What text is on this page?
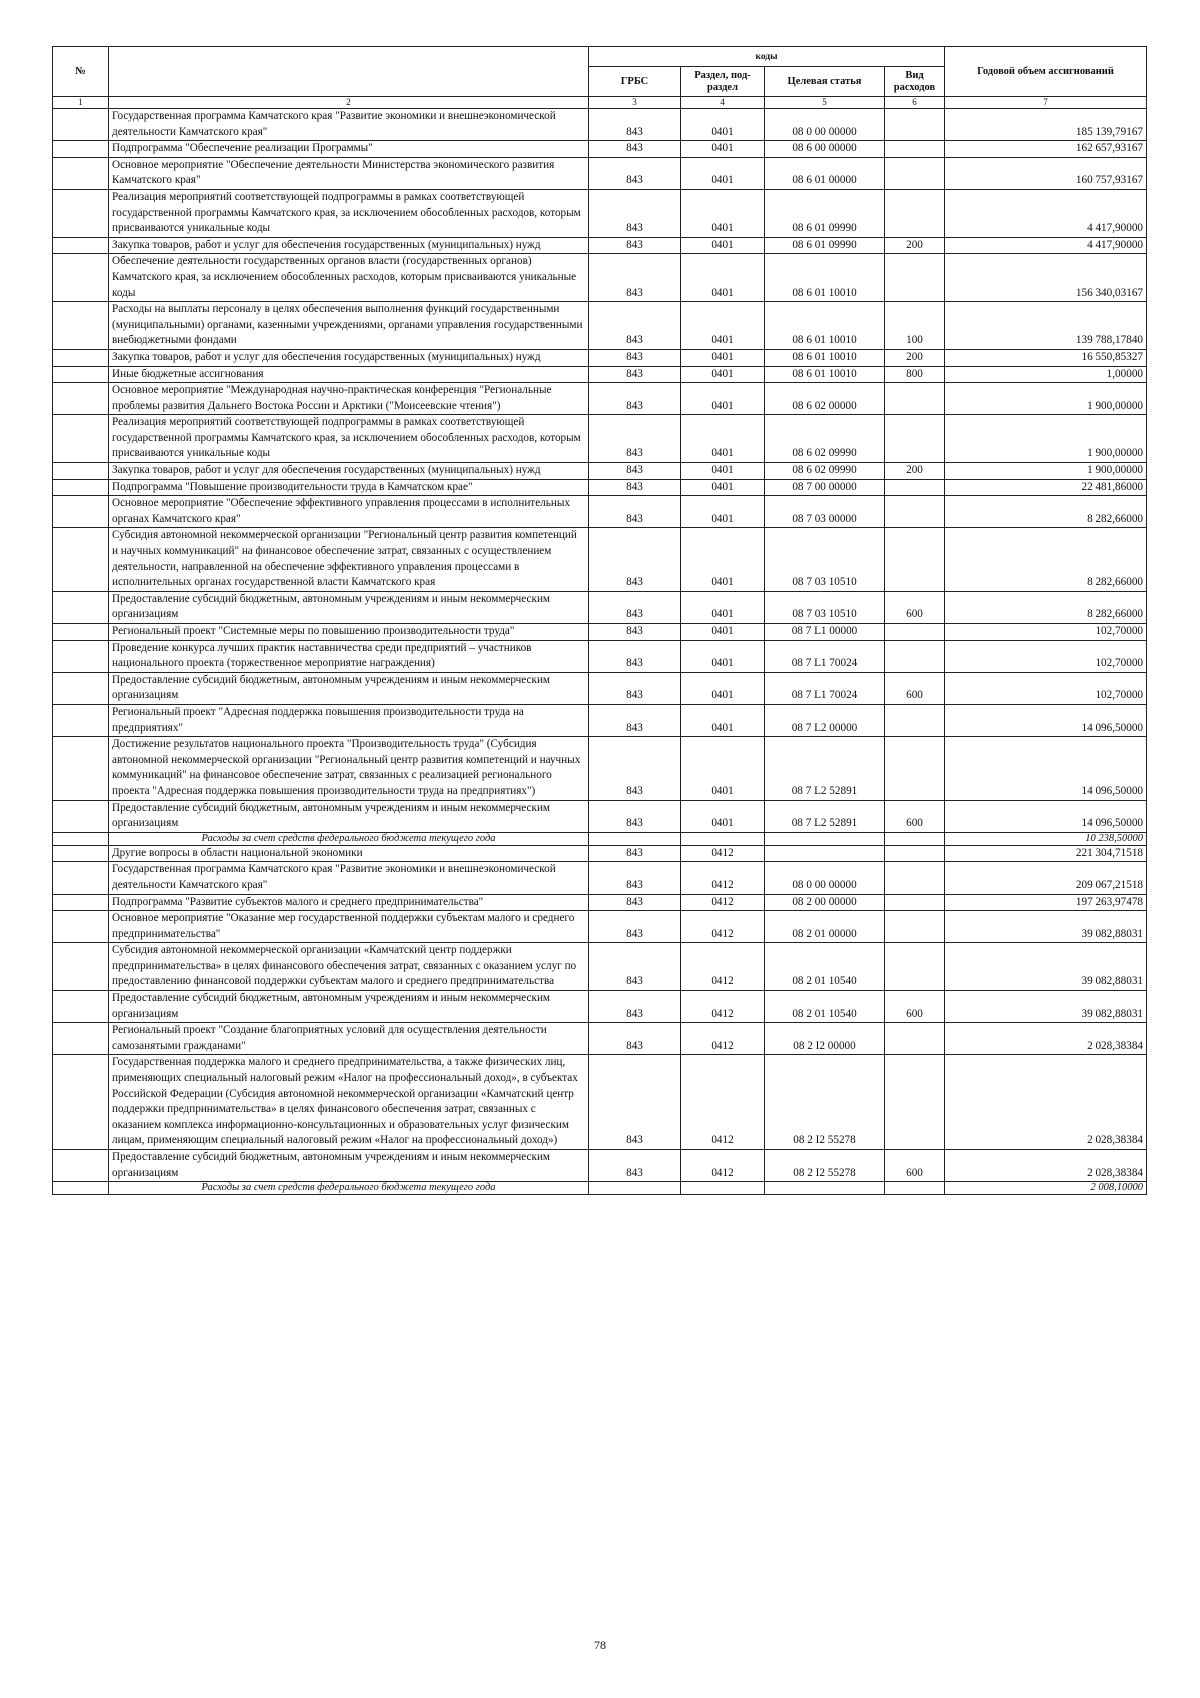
№		коды				Годовой объем ассигнований
		ГРБС	Раздел, под-раздел	Целевая статья	Вид расходов	
1	2	3	4	5	6	7
	Государственная программа Камчатского края "Развитие экономики и внешнеэкономической деятельности Камчатского края"	843	0401	08 0 00 00000		185 139,79167
	Подпрограмма "Обеспечение реализации Программы"	843	0401	08 6 00 00000		162 657,93167
	Основное мероприятие "Обеспечение деятельности Министерства экономического развития Камчатского края"	843	0401	08 6 01 00000		160 757,93167
	Реализация мероприятий соответствующей подпрограммы в рамках соответствующей государственной программы Камчатского края, за исключением обособленных расходов, которым присваиваются уникальные коды	843	0401	08 6 01 09990		4 417,90000
	Закупка товаров, работ и услуг для обеспечения государственных (муниципальных) нужд	843	0401	08 6 01 09990	200	4 417,90000
	Обеспечение деятельности государственных органов власти (государственных органов) Камчатского края, за исключением обособленных расходов, которым присваиваются уникальные коды	843	0401	08 6 01 10010		156 340,03167
	Расходы на выплаты персоналу в целях обеспечения выполнения функций государственными (муниципальными) органами, казенными учреждениями, органами управления государственными внебюджетными фондами	843	0401	08 6 01 10010	100	139 788,17840
	Закупка товаров, работ и услуг для обеспечения государственных (муниципальных) нужд	843	0401	08 6 01 10010	200	16 550,85327
	Иные бюджетные ассигнования	843	0401	08 6 01 10010	800	1,00000
	Основное мероприятие "Международная научно-практическая конференция "Региональные проблемы развития Дальнего Востока России и Арктики ("Моисеевские чтения")	843	0401	08 6 02 00000		1 900,00000
	Реализация мероприятий соответствующей подпрограммы в рамках соответствующей государственной программы Камчатского края, за исключением обособленных расходов, которым присваиваются уникальные коды	843	0401	08 6 02 09990		1 900,00000
	Закупка товаров, работ и услуг для обеспечения государственных (муниципальных) нужд	843	0401	08 6 02 09990	200	1 900,00000
	Подпрограмма "Повышение производительности труда в Камчатском крае"	843	0401	08 7 00 00000		22 481,86000
	Основное мероприятие "Обеспечение эффективного управления процессами в исполнительных органах Камчатского края"	843	0401	08 7 03 00000		8 282,66000
	Субсидия автономной некоммерческой организации "Региональный центр развития компетенций и научных коммуникаций" на финансовое обеспечение затрат, связанных с осуществлением деятельности, направленной на обеспечение эффективного управления процессами в исполнительных органах государственной власти Камчатского края	843	0401	08 7 03 10510		8 282,66000
	Предоставление субсидий бюджетным, автономным учреждениям и иным некоммерческим организациям	843	0401	08 7 03 10510	600	8 282,66000
	Региональный проект "Системные меры по повышению производительности труда"	843	0401	08 7 L1 00000		102,70000
	Проведение конкурса лучших практик наставничества среди предприятий – участников национального проекта (торжественное мероприятие награждения)	843	0401	08 7 L1 70024		102,70000
	Предоставление субсидий бюджетным, автономным учреждениям и иным некоммерческим организациям	843	0401	08 7 L1 70024	600	102,70000
	Региональный проект "Адресная поддержка повышения производительности труда на предприятиях"	843	0401	08 7 L2 00000		14 096,50000
	Достижение результатов национального проекта "Производительность труда" (Субсидия автономной некоммерческой организации "Региональный центр развития компетенций и научных коммуникаций" на финансовое обеспечение затрат, связанных с реализацией регионального проекта "Адресная поддержка повышения производительности труда на предприятиях")	843	0401	08 7 L2 52891		14 096,50000
	Предоставление субсидий бюджетным, автономным учреждениям и иным некоммерческим организациям	843	0401	08 7 L2 52891	600	14 096,50000
	Расходы за счет средств федерального бюджета текущего года					10 238,50000
	Другие вопросы в области национальной экономики	843	0412			221 304,71518
	Государственная программа Камчатского края "Развитие экономики и внешнеэкономической деятельности Камчатского края"	843	0412	08 0 00 00000		209 067,21518
	Подпрограмма "Развитие субъектов малого и среднего предпринимательства"	843	0412	08 2 00 00000		197 263,97478
	Основное мероприятие "Оказание мер государственной поддержки субъектам малого и среднего предпринимательства"	843	0412	08 2 01 00000		39 082,88031
	Субсидия автономной некоммерческой организации «Камчатский центр поддержки предпринимательства» в целях финансового обеспечения затрат, связанных с оказанием услуг по предоставлению финансовой поддержки субъектам малого и среднего предпринимательства	843	0412	08 2 01 10540		39 082,88031
	Предоставление субсидий бюджетным, автономным учреждениям и иным некоммерческим организациям	843	0412	08 2 01 10540	600	39 082,88031
	Региональный проект "Создание благоприятных условий для осуществления деятельности самозанятыми гражданами"	843	0412	08 2 I2 00000		2 028,38384
	Государственная поддержка малого и среднего предпринимательства, а также физических лиц, применяющих специальный налоговый режим «Налог на профессиональный доход», в субъектах Российской Федерации (Субсидия автономной некоммерческой организации «Камчатский центр поддержки предпринимательства» в целях финансового обеспечения затрат, связанных с оказанием комплекса информационно-консультационных и образовательных услуг физическим лицам, применяющим специальный налоговый режим «Налог на профессиональный доход»)	843	0412	08 2 I2 55278		2 028,38384
	Предоставление субсидий бюджетным, автономным учреждениям и иным некоммерческим организациям	843	0412	08 2 I2 55278	600	2 028,38384
	Расходы за счет средств федерального бюджета текущего года					2 008,10000
78
